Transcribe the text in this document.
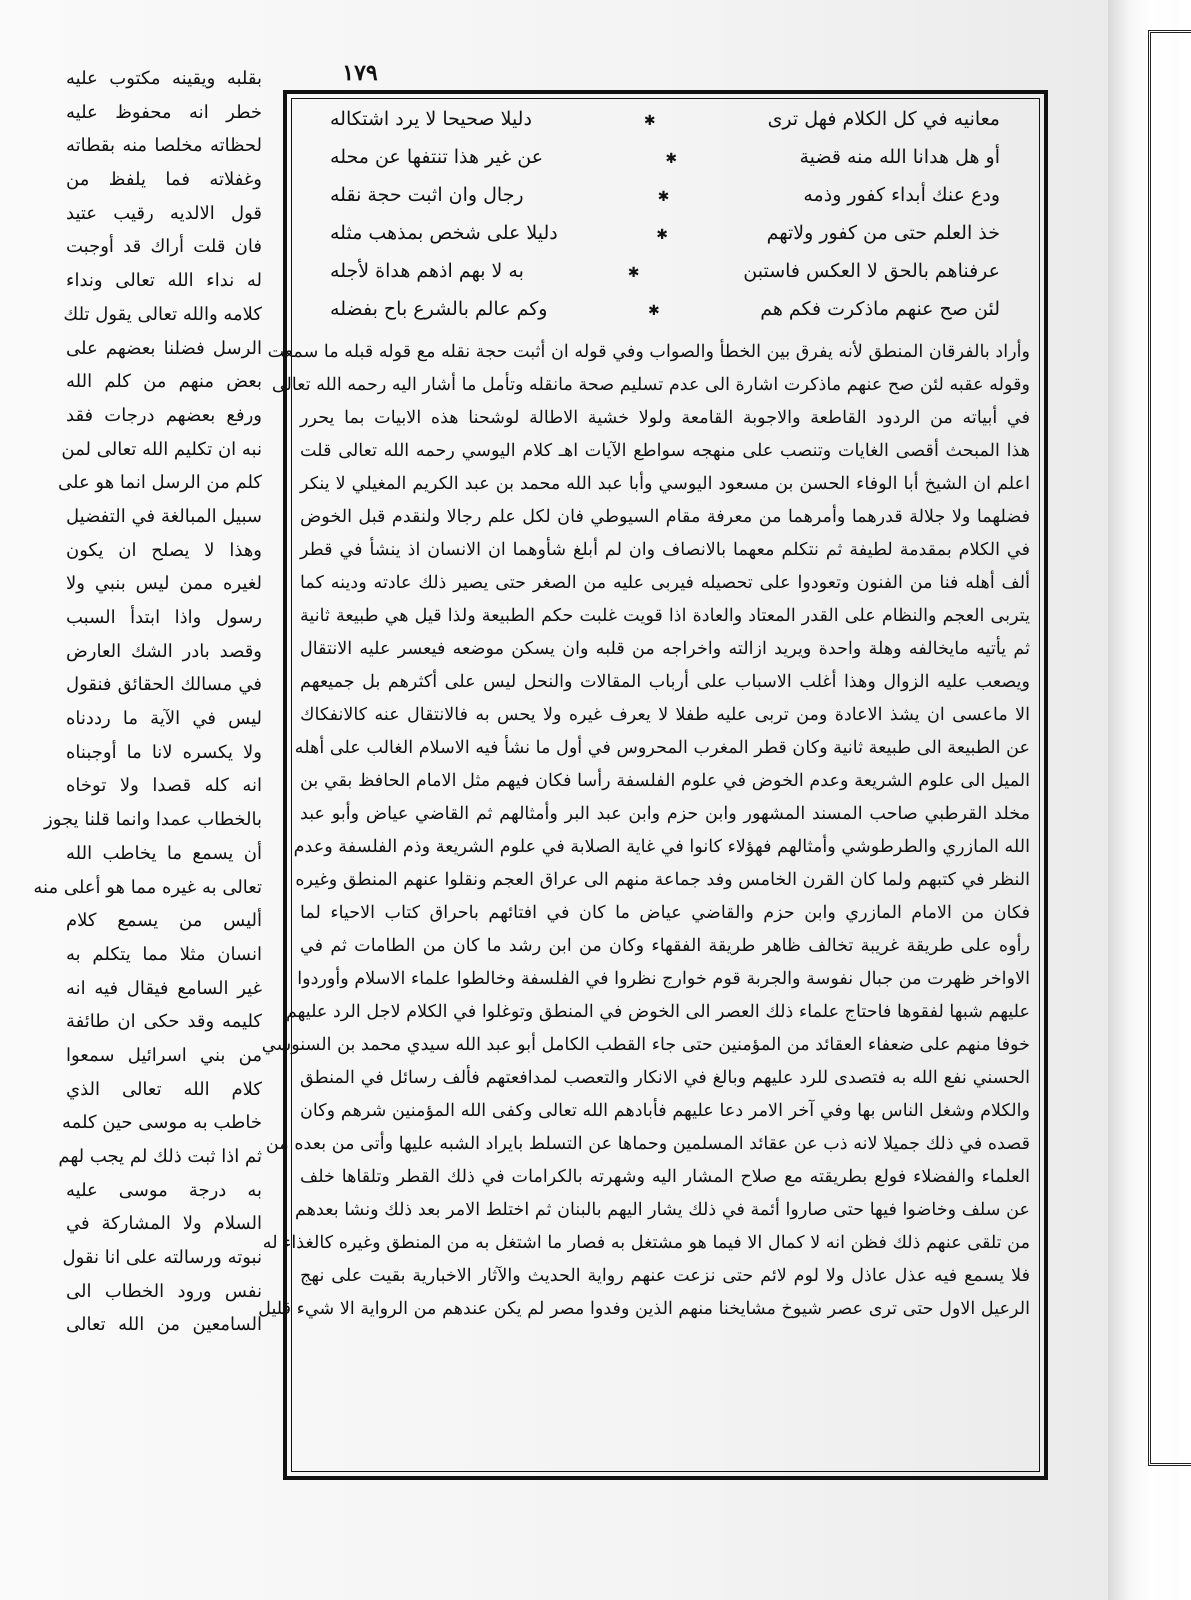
١٧٩
معانيه في كل الكلام فهل ترى
✱
دليلا صحيحا لا يرد اشتكاله
أو هل هدانا الله منه قضية
✱
عن غير هذا تنتفها عن محله
ودع عنك أبداء كفور وذمه
✱
رجال وان اثبت حجة نقله
خذ العلم حتى من كفور ولاتهم
✱
دليلا على شخص بمذهب مثله
عرفناهم بالحق لا العكس فاستبن
✱
به لا بهم اذهم هداة لأجله
لئن صح عنهم ماذكرت فكم هم
✱
وكم عالم بالشرع باح بفضله
وأراد بالفرقان المنطق لأنه يفرق بين الخطأ والصواب وفي قوله ان أثبت حجة نقله مع قوله قبله ما سمعت
وقوله عقبه لئن صح عنهم ماذكرت اشارة الى عدم تسليم صحة مانقله وتأمل ما أشار اليه رحمه الله تعالى
في أبياته من الردود القاطعة والاجوبة القامعة ولولا خشية الاطالة لوشحنا هذه الابيات بما يحرر
هذا المبحث أقصى الغايات وتنصب على منهجه سواطع الآيات اهـ كلام اليوسي رحمه الله تعالى قلت
اعلم ان الشيخ أبا الوفاء الحسن بن مسعود اليوسي وأبا عبد الله محمد بن عبد الكريم المغيلي لا ينكر
فضلهما ولا جلالة قدرهما وأمرهما من معرفة مقام السيوطي فان لكل علم رجالا ولنقدم قبل الخوض
في الكلام بمقدمة لطيفة ثم نتكلم معهما بالانصاف وان لم أبلغ شأوهما ان الانسان اذ ينشأ في قطر
ألف أهله فنا من الفنون وتعودوا على تحصيله فيربى عليه من الصغر حتى يصير ذلك عادته ودينه كما
يتربى العجم والنظام على القدر المعتاد والعادة اذا قويت غلبت حكم الطبيعة ولذا قيل هي طبيعة ثانية
ثم يأتيه مايخالفه وهلة واحدة ويريد ازالته واخراجه من قلبه وان يسكن موضعه فيعسر عليه الانتقال
ويصعب عليه الزوال وهذا أغلب الاسباب على أرباب المقالات والنحل ليس على أكثرهم بل جميعهم
الا ماعسى ان يشذ الاعادة ومن تربى عليه طفلا لا يعرف غيره ولا يحس به فالانتقال عنه كالانفكاك
عن الطبيعة الى طبيعة ثانية وكان قطر المغرب المحروس في أول ما نشأ فيه الاسلام الغالب على أهله
الميل الى علوم الشريعة وعدم الخوض في علوم الفلسفة رأسا فكان فيهم مثل الامام الحافظ بقي بن
مخلد القرطبي صاحب المسند المشهور وابن حزم وابن عبد البر وأمثالهم ثم القاضي عياض وأبو عبد
الله المازري والطرطوشي وأمثالهم فهؤلاء كانوا في غاية الصلابة في علوم الشريعة وذم الفلسفة وعدم
النظر في كتبهم ولما كان القرن الخامس وفد جماعة منهم الى عراق العجم ونقلوا عنهم المنطق وغيره
فكان من الامام المازري وابن حزم والقاضي عياض ما كان في افتائهم باحراق كتاب الاحياء لما
رأوه على طريقة غريبة تخالف ظاهر طريقة الفقهاء وكان من ابن رشد ما كان من الطامات ثم في
الاواخر ظهرت من جبال نفوسة والجربة قوم خوارج نظروا في الفلسفة وخالطوا علماء الاسلام وأوردوا
عليهم شبها لفقوها فاحتاج علماء ذلك العصر الى الخوض في المنطق وتوغلوا في الكلام لاجل الرد عليهم
خوفا منهم على ضعفاء العقائد من المؤمنين حتى جاء القطب الكامل أبو عبد الله سيدي محمد بن السنوسي
الحسني نفع الله به فتصدى للرد عليهم وبالغ في الانكار والتعصب لمدافعتهم فألف رسائل في المنطق
والكلام وشغل الناس بها وفي آخر الامر دعا عليهم فأبادهم الله تعالى وكفى الله المؤمنين شرهم وكان
قصده في ذلك جميلا لانه ذب عن عقائد المسلمين وحماها عن التسلط بايراد الشبه عليها وأتى من بعده من
العلماء والفضلاء فولع بطريقته مع صلاح المشار اليه وشهرته بالكرامات في ذلك القطر وتلقاها خلف
عن سلف وخاضوا فيها حتى صاروا أئمة في ذلك يشار اليهم بالبنان ثم اختلط الامر بعد ذلك ونشا بعدهم
من تلقى عنهم ذلك فظن انه لا كمال الا فيما هو مشتغل به فصار ما اشتغل به من المنطق وغيره كالغذاء له
فلا يسمع فيه عذل عاذل ولا لوم لائم حتى نزعت عنهم رواية الحديث والآثار الاخبارية بقيت على نهج
الرعيل الاول حتى ترى عصر شيوخ مشايخنا منهم الذين وفدوا مصر لم يكن عندهم من الرواية الا شيء قليل
بقلبه ويقينه مكتوب عليه
خطر انه محفوظ عليه
لحظاته مخلصا منه بقطاته
وغفلاته فما يلفظ من
قول الالديه رقيب عتيد
فان قلت أراك قد أوجبت
له نداء الله تعالى ونداء
كلامه والله تعالى يقول تلك
الرسل فضلنا بعضهم على
بعض منهم من كلم الله
ورفع بعضهم درجات فقد
نبه ان تكليم الله تعالى لمن
كلم من الرسل انما هو على
سبيل المبالغة في التفضيل
وهذا لا يصلح ان يكون
لغيره ممن ليس بنبي ولا
رسول واذا ابتدأ السبب
وقصد بادر الشك العارض
في مسالك الحقائق فنقول
ليس في الآية ما رددناه
ولا يكسره لانا ما أوجبناه
انه كله قصدا ولا توخاه
بالخطاب عمدا وانما قلنا يجوز
أن يسمع ما يخاطب الله
تعالى به غيره مما هو أعلى منه
أليس من يسمع كلام
انسان مثلا مما يتكلم به
غير السامع فيقال فيه انه
كليمه وقد حكى ان طائفة
من بني اسرائيل سمعوا
كلام الله تعالى الذي
خاطب به موسى حين كلمه
ثم اذا ثبت ذلك لم يجب لهم
به درجة موسى عليه
السلام ولا المشاركة في
نبوته ورسالته على انا نقول
نفس ورود الخطاب الى
السامعين من الله تعالى
